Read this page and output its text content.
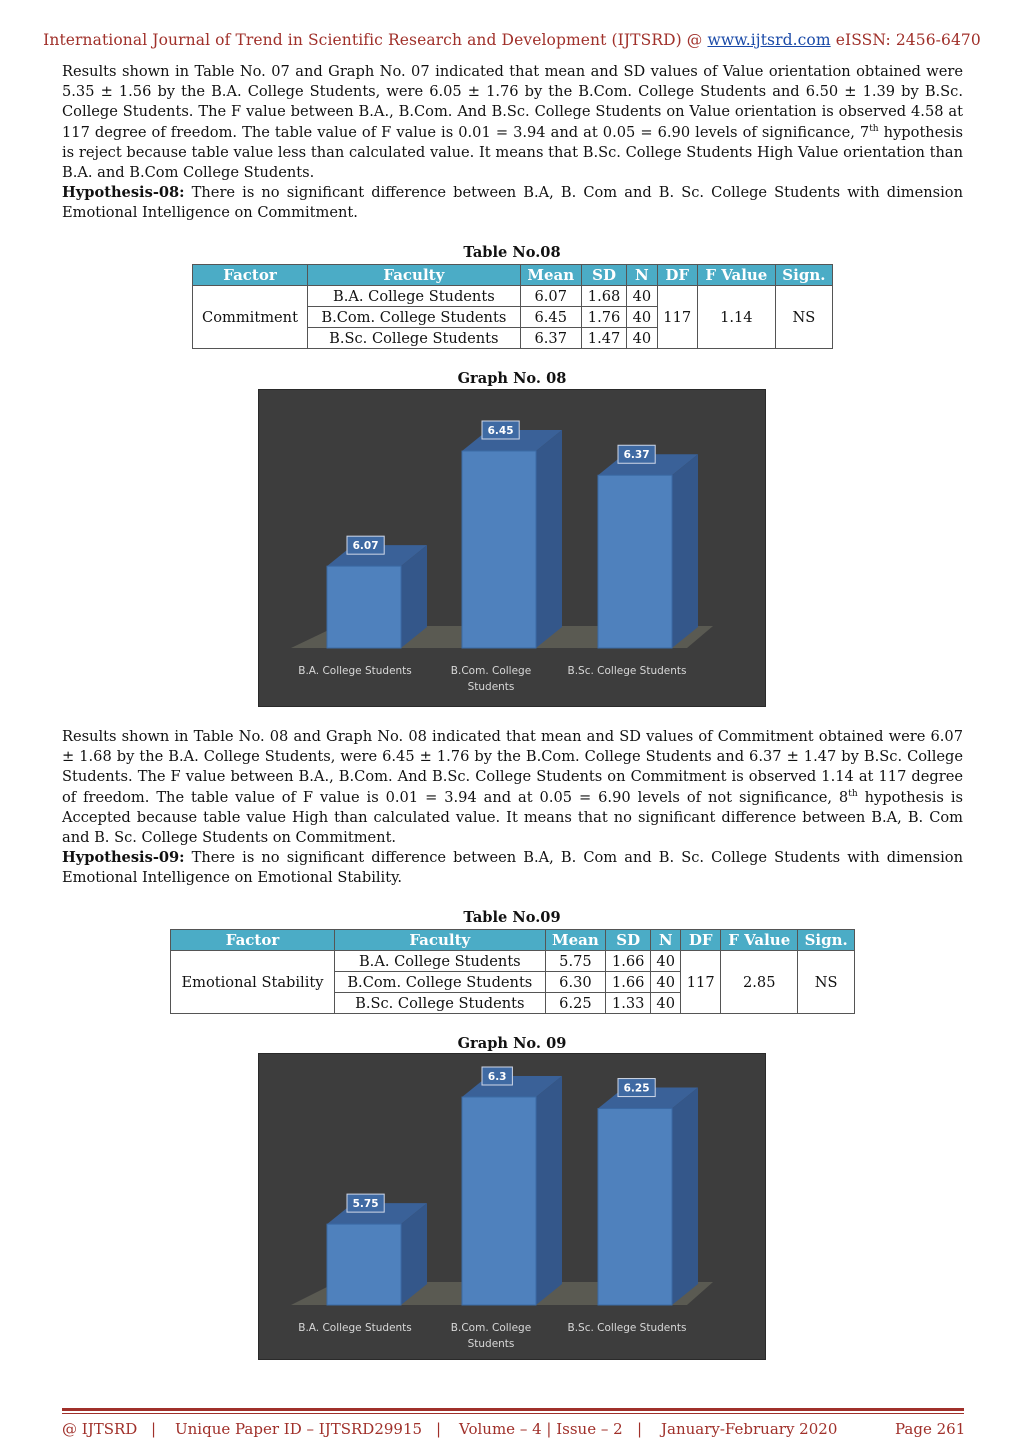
International Journal of Trend in Scientific Research and Development (IJTSRD) @ www.ijtsrd.com eISSN: 2456-6470
Results shown in Table No. 07 and Graph No. 07 indicated that mean and SD values of Value orientation obtained were 5.35 ± 1.56 by the B.A. College Students, were 6.05 ± 1.76 by the B.Com. College Students and 6.50 ± 1.39 by B.Sc. College Students. The F value between B.A., B.Com. And B.Sc. College Students on Value orientation is observed 4.58 at 117 degree of freedom. The table value of F value is 0.01 = 3.94 and at 0.05 = 6.90 levels of significance, 7th hypothesis is reject because table value less than calculated value. It means that B.Sc. College Students High Value orientation than B.A. and B.Com College Students.
Hypothesis-08: There is no significant difference between B.A, B. Com and B. Sc. College Students with dimension Emotional Intelligence on Commitment.
Table No.08
Factor	Faculty	Mean	SD	N	DF	F Value	Sign.
Commitment	B.A. College Students	6.07	1.68	40	117	1.14	NS
	B.Com. College Students	6.45	1.76	40			
	B.Sc. College Students	6.37	1.47	40			
Graph No. 08
6.07
6.45
6.37
B.A. College Students	B.Com. College Students
B.Sc. College Students
Results shown in Table No. 08 and Graph No. 08 indicated that mean and SD values of Commitment obtained were 6.07 ± 1.68 by the B.A. College Students, were 6.45 ± 1.76 by the B.Com. College Students and 6.37 ± 1.47 by B.Sc. College Students. The F value between B.A., B.Com. And B.Sc. College Students on Commitment is observed 1.14 at 117 degree of freedom. The table value of F value is 0.01 = 3.94 and at 0.05 = 6.90 levels of not significance, 8th hypothesis is Accepted because table value High than calculated value. It means that no significant difference between B.A, B. Com and B. Sc. College Students on Commitment.
Hypothesis-09: There is no significant difference between B.A, B. Com and B. Sc. College Students with dimension Emotional Intelligence on Emotional Stability.
Table No.09
Factor	Faculty	Mean	SD	N	DF	F Value	Sign.
Emotional Stability	B.A. College Students	5.75	1.66	40	117	2.85	NS
	B.Com. College Students	6.30	1.66	40			
	B.Sc. College Students	6.25	1.33	40			
Graph No. 09
5.75
6.3
6.25
B.A. College Students	B.Com. College Students
B.Sc. College Students
@ IJTSRD | Unique Paper ID – IJTSRD29915 | Volume – 4 | Issue – 2 | January-February 2020	Page 261
